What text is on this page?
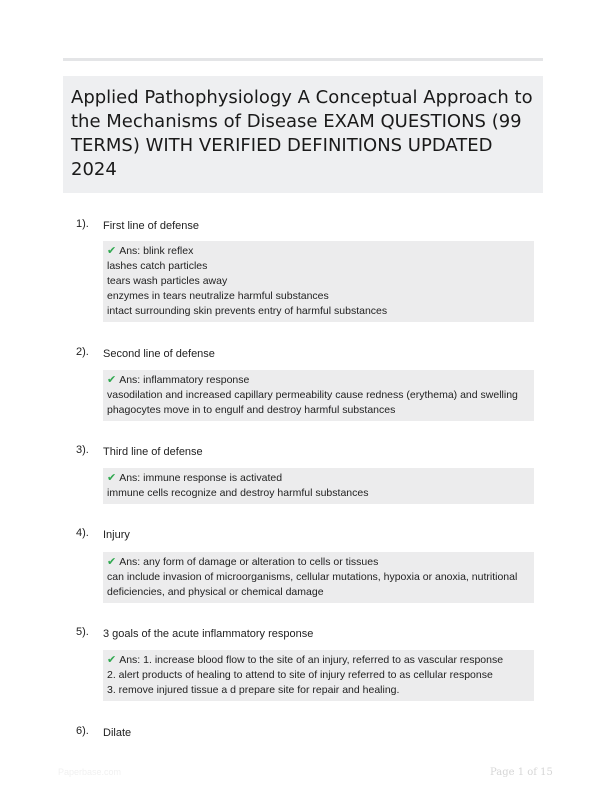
Applied Pathophysiology A Conceptual Approach to the Mechanisms of Disease EXAM QUESTIONS (99 TERMS) WITH VERIFIED DEFINITIONS UPDATED 2024
1). First line of defense
✔ Ans: blink reflex
lashes catch particles
tears wash particles away
enzymes in tears neutralize harmful substances
intact surrounding skin prevents entry of harmful substances
2). Second line of defense
✔ Ans: inflammatory response
vasodilation and increased capillary permeability cause redness (erythema) and swelling
phagocytes move in to engulf and destroy harmful substances
3). Third line of defense
✔ Ans: immune response is activated
immune cells recognize and destroy harmful substances
4). Injury
✔ Ans: any form of damage or alteration to cells or tissues
can include invasion of microorganisms, cellular mutations, hypoxia or anoxia, nutritional
deficiencies, and physical or chemical damage
5). 3 goals of the acute inflammatory response
✔ Ans: 1. increase blood flow to the site of an injury, referred to as vascular response
2. alert products of healing to attend to site of injury referred to as cellular response
3. remove injured tissue a d prepare site for repair and healing.
6). Dilate
Paperbase.com	Page 1 of 15
